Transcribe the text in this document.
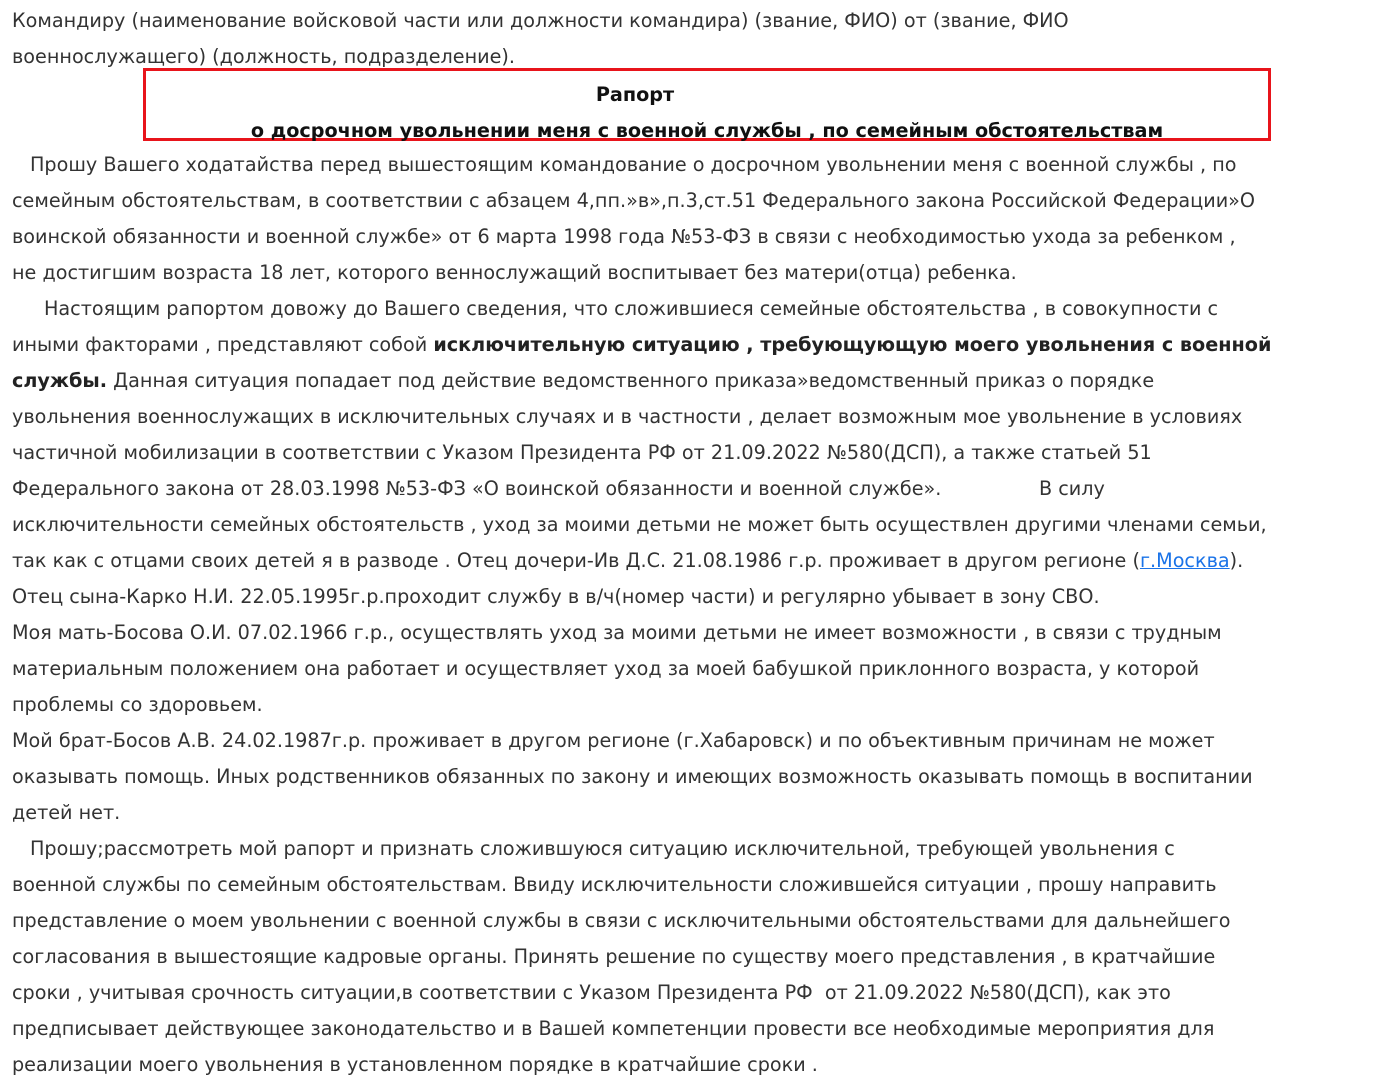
Рапорт
о досрочном увольнении меня с военной службы , по семейным обстоятельствам
Командиру (наименование войсковой части или должности командира) (звание, ФИО) от (звание, ФИО
военнослужащего) (должность, подразделение).
Прошу Вашего ходатайства перед вышестоящим командование о досрочном увольнении меня с военной службы , по
семейным обстоятельствам, в соответствии с абзацем 4,пп.»в»,п.3,ст.51 Федерального закона Российской Федерации»О
воинской обязанности и военной службе» от 6 марта 1998 года №53-ФЗ в связи с необходимостью ухода за ребенком ,
не достигшим возраста 18 лет, которого веннослужащий воспитывает без матери(отца) ребенка.
Настоящим рапортом довожу до Вашего сведения, что сложившиеся семейные обстоятельства , в совокупности с
иными факторами , представляют собой исключительную ситуацию , требующующую моего увольнения с военной
службы. Данная ситуация попадает под действие ведомственного приказа»ведомственный приказ о порядке
увольнения военнослужащих в исключительных случаях и в частности , делает возможным мое увольнение в условиях
частичной мобилизации в соответствии с Указом Президента РФ от 21.09.2022 №580(ДСП), а также статьей 51
Федерального закона от 28.03.1998 №53-ФЗ «О воинской обязанности и военной службе».                В силу
исключительности семейных обстоятельств , уход за моими детьми не может быть осуществлен другими членами семьи,
так как с отцами своих детей я в разводе . Отец дочери-Ив Д.С. 21.08.1986 г.р. проживает в другом регионе (г.Москва).
Отец сына-Карко Н.И. 22.05.1995г.р.проходит службу в в/ч(номер части) и регулярно убывает в зону СВО.
Моя мать-Босова О.И. 07.02.1966 г.р., осуществлять уход за моими детьми не имеет возможности , в связи с трудным
материальным положением она работает и осуществляет уход за моей бабушкой приклонного возраста, у которой
проблемы со здоровьем.
Мой брат-Босов А.В. 24.02.1987г.р. проживает в другом регионе (г.Хабаровск) и по объективным причинам не может
оказывать помощь. Иных родственников обязанных по закону и имеющих возможность оказывать помощь в воспитании
детей нет.
Прошу;рассмотреть мой рапорт и признать сложившуюся ситуацию исключительной, требующей увольнения с
военной службы по семейным обстоятельствам. Ввиду исключительности сложившейся ситуации , прошу направить
представление о моем увольнении с военной службы в связи с исключительными обстоятельствами для дальнейшего
согласования в вышестоящие кадровые органы. Принять решение по существу моего представления , в кратчайшие
сроки , учитывая срочность ситуации,в соответствии с Указом Президента РФ  от 21.09.2022 №580(ДСП), как это
предписывает действующее законодательство и в Вашей компетенции провести все необходимые мероприятия для
реализации моего увольнения в установленном порядке в кратчайшие сроки .
